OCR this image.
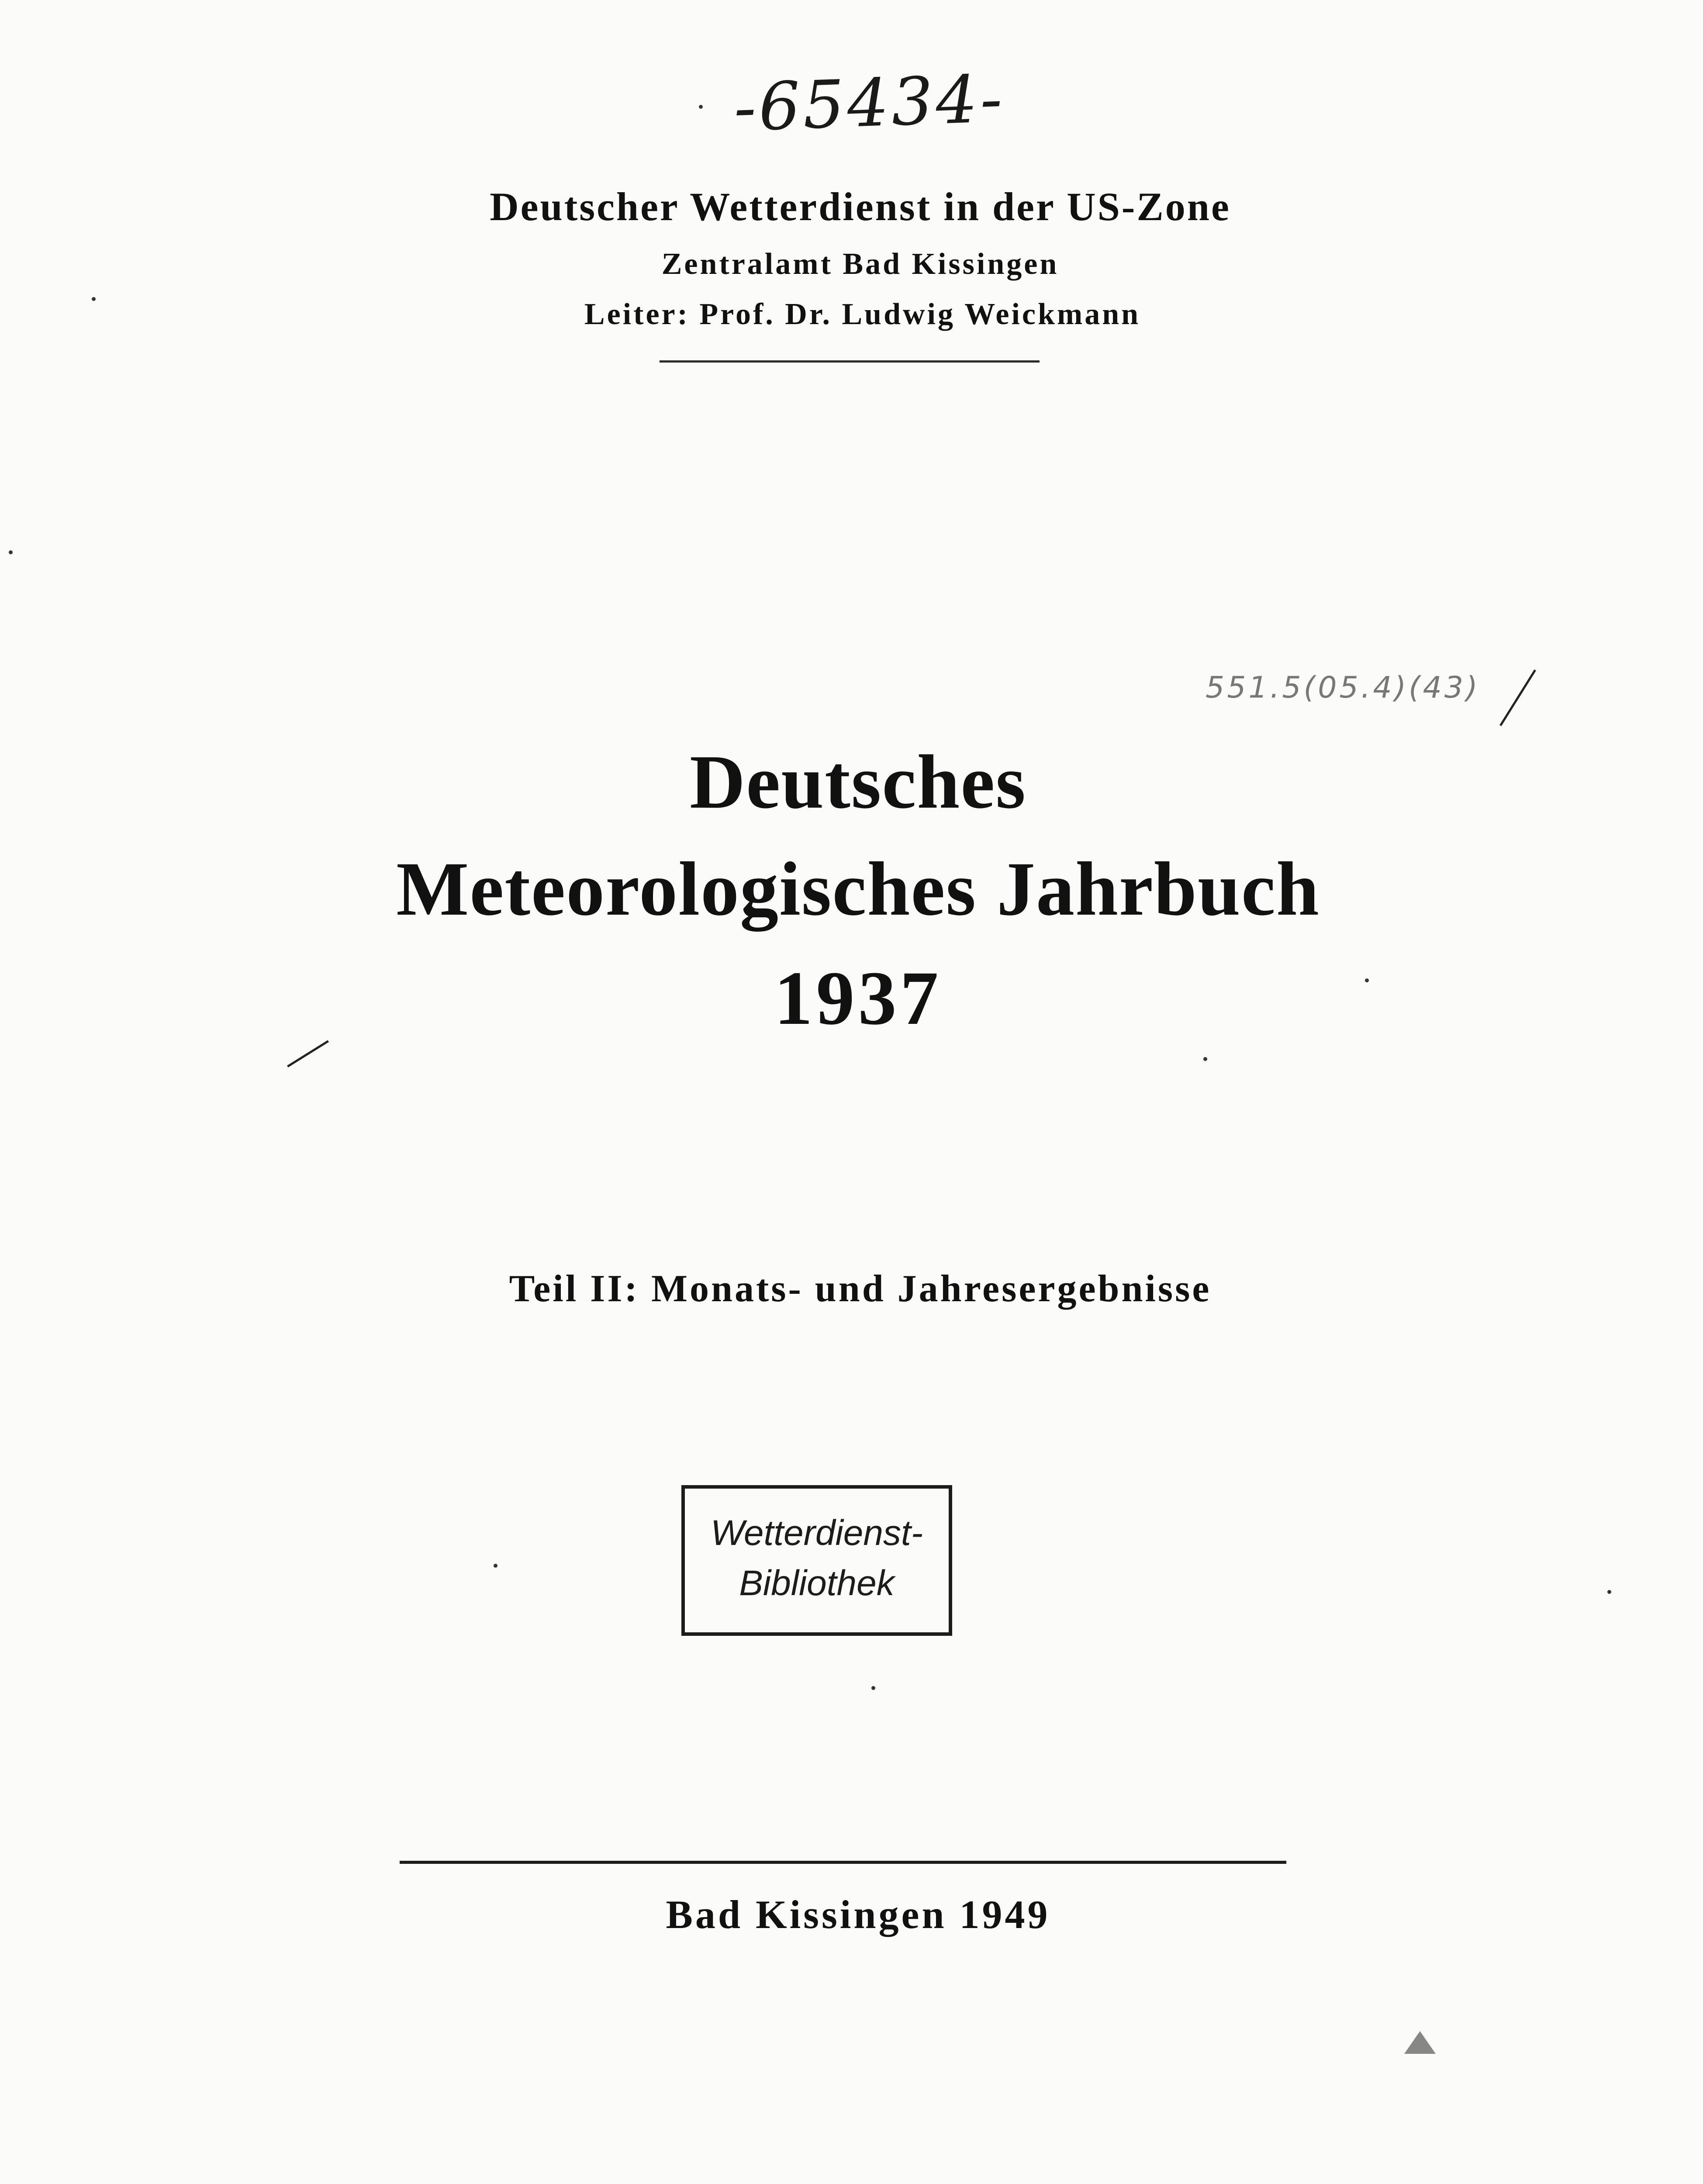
-65434-
Deutscher Wetterdienst in der US-Zone
Zentralamt Bad Kissingen
Leiter: Prof. Dr. Ludwig Weickmann
551.5(05.4)(43)
Deutsches
Meteorologisches Jahrbuch
1937
Teil II: Monats- und Jahresergebnisse
Wetterdienst-
Bibliothek
Bad Kissingen 1949
